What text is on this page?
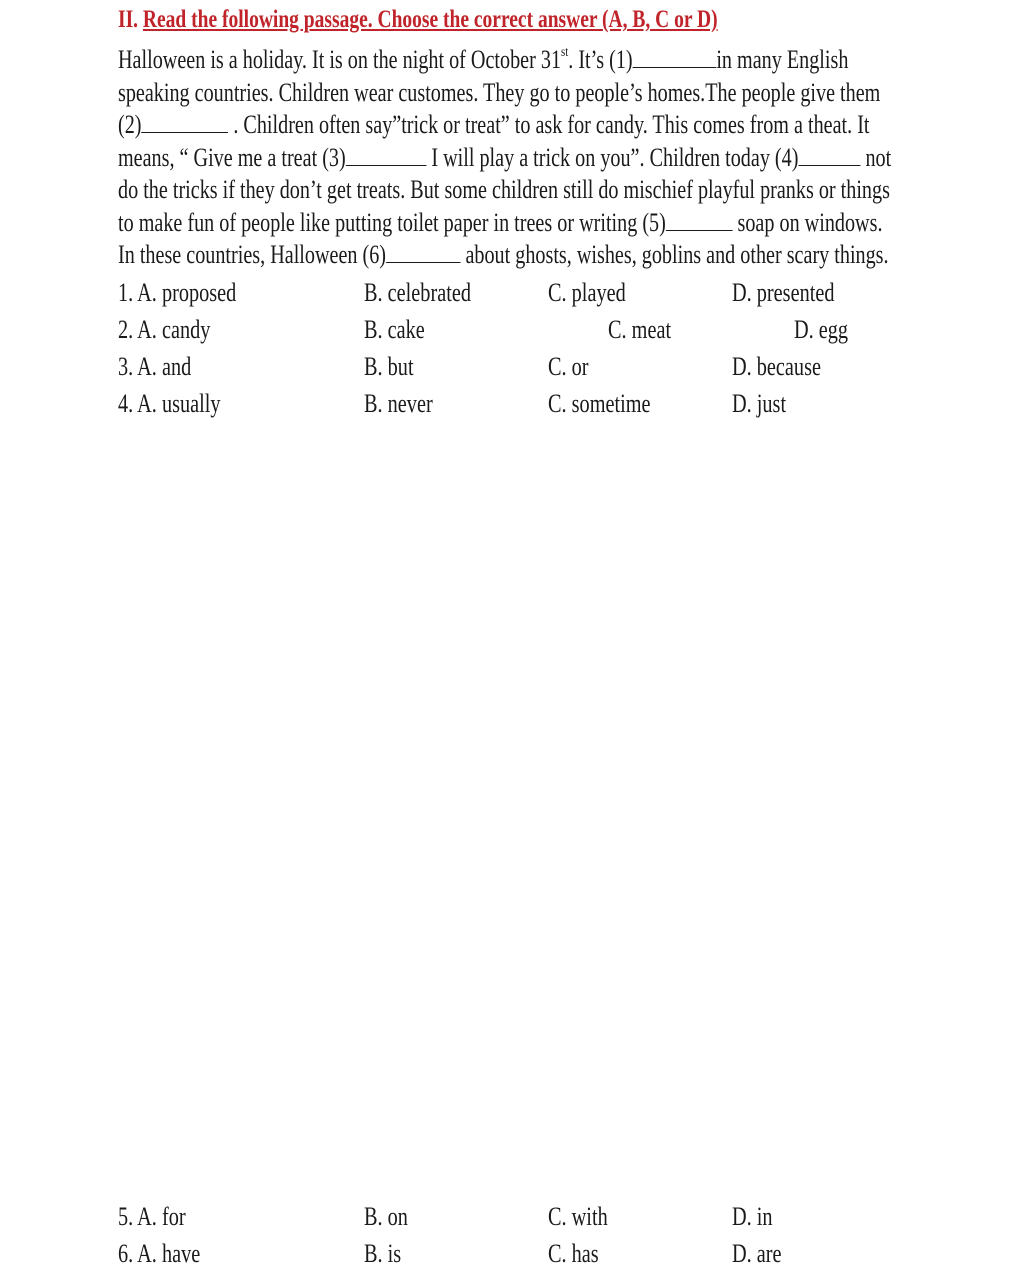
II. Read the following passage. Choose the correct answer (A, B, C or D)
Halloween is a holiday. It is on the night of October 31st. It’s (1)	in many English
speaking countries. Children wear customes. They go to people’s homes.The people give them
(2)	. Children often say”trick or treat” to ask for candy. This comes from a theat. It
means, “ Give me a treat (3)	I will play a trick on you”. Children today (4) not
do the tricks if they don’t get treats. But some children still do mischief playful pranks or things
to make fun of people like putting toilet paper in trees or writing (5)	soap on windows.
In these countries, Halloween (6)	about ghosts, wishes, goblins and other scary things.
1. A. proposed	B. celebrated	C. played	D. presented
2. A. candy	B. cake	C. meat	D. egg
3. A. and	B. but	C. or	D. because
4. A. usually	B. never	C. sometime	D. just
5. A. for	B. on	C. with	D. in
6. A. have	B. is	C. has	D. are
